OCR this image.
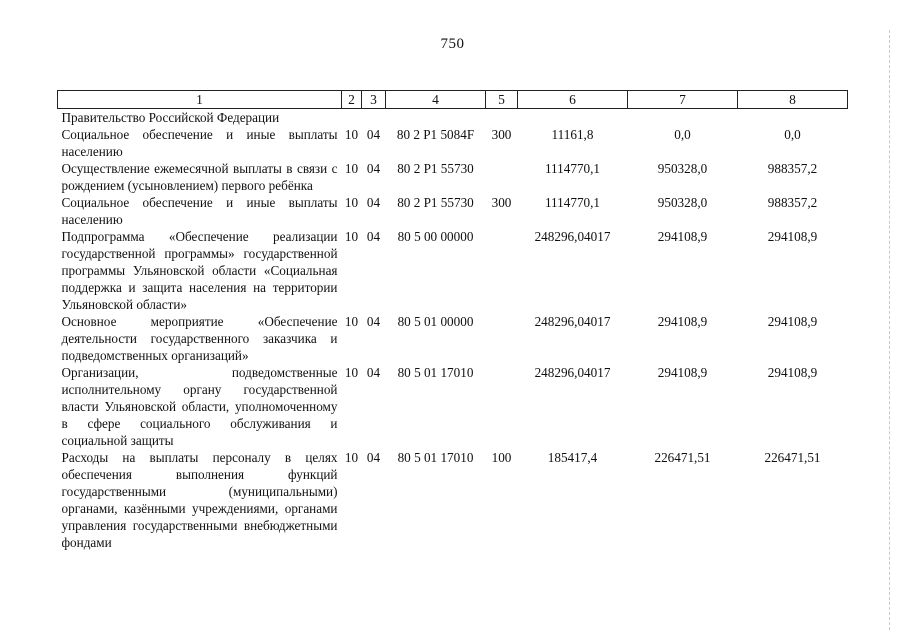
750
1	2	3	4	5	6	7	8
Правительство Российской Федерации							
Социальное обеспечение и иные выплаты населению	10	04	80 2 P1 5084F	300	11161,8	0,0	0,0
Осуществление ежемесячной выплаты в связи с рождением (усыновлением) первого ребёнка	10	04	80 2 P1 55730		1114770,1	950328,0	988357,2
Социальное обеспечение и иные выплаты населению	10	04	80 2 P1 55730	300	1114770,1	950328,0	988357,2
Подпрограмма «Обеспечение реализации государственной программы» государственной программы Ульяновской области «Социальная поддержка и защита населения на территории Ульяновской области»	10	04	80 5 00 00000		248296,04017	294108,9	294108,9
Основное мероприятие «Обеспечение деятельности государственного заказчика и подведомственных организаций»	10	04	80 5 01 00000		248296,04017	294108,9	294108,9
Организации, подведомственные исполнительному органу государственной власти Ульяновской области, уполномоченному в сфере социального обслуживания и социальной защиты	10	04	80 5 01 17010		248296,04017	294108,9	294108,9
Расходы на выплаты персоналу в целях обеспечения выполнения функций государственными (муниципальными) органами, казёнными учреждениями, органами управления государственными внебюджетными фондами	10	04	80 5 01 17010	100	185417,4	226471,51	226471,51
